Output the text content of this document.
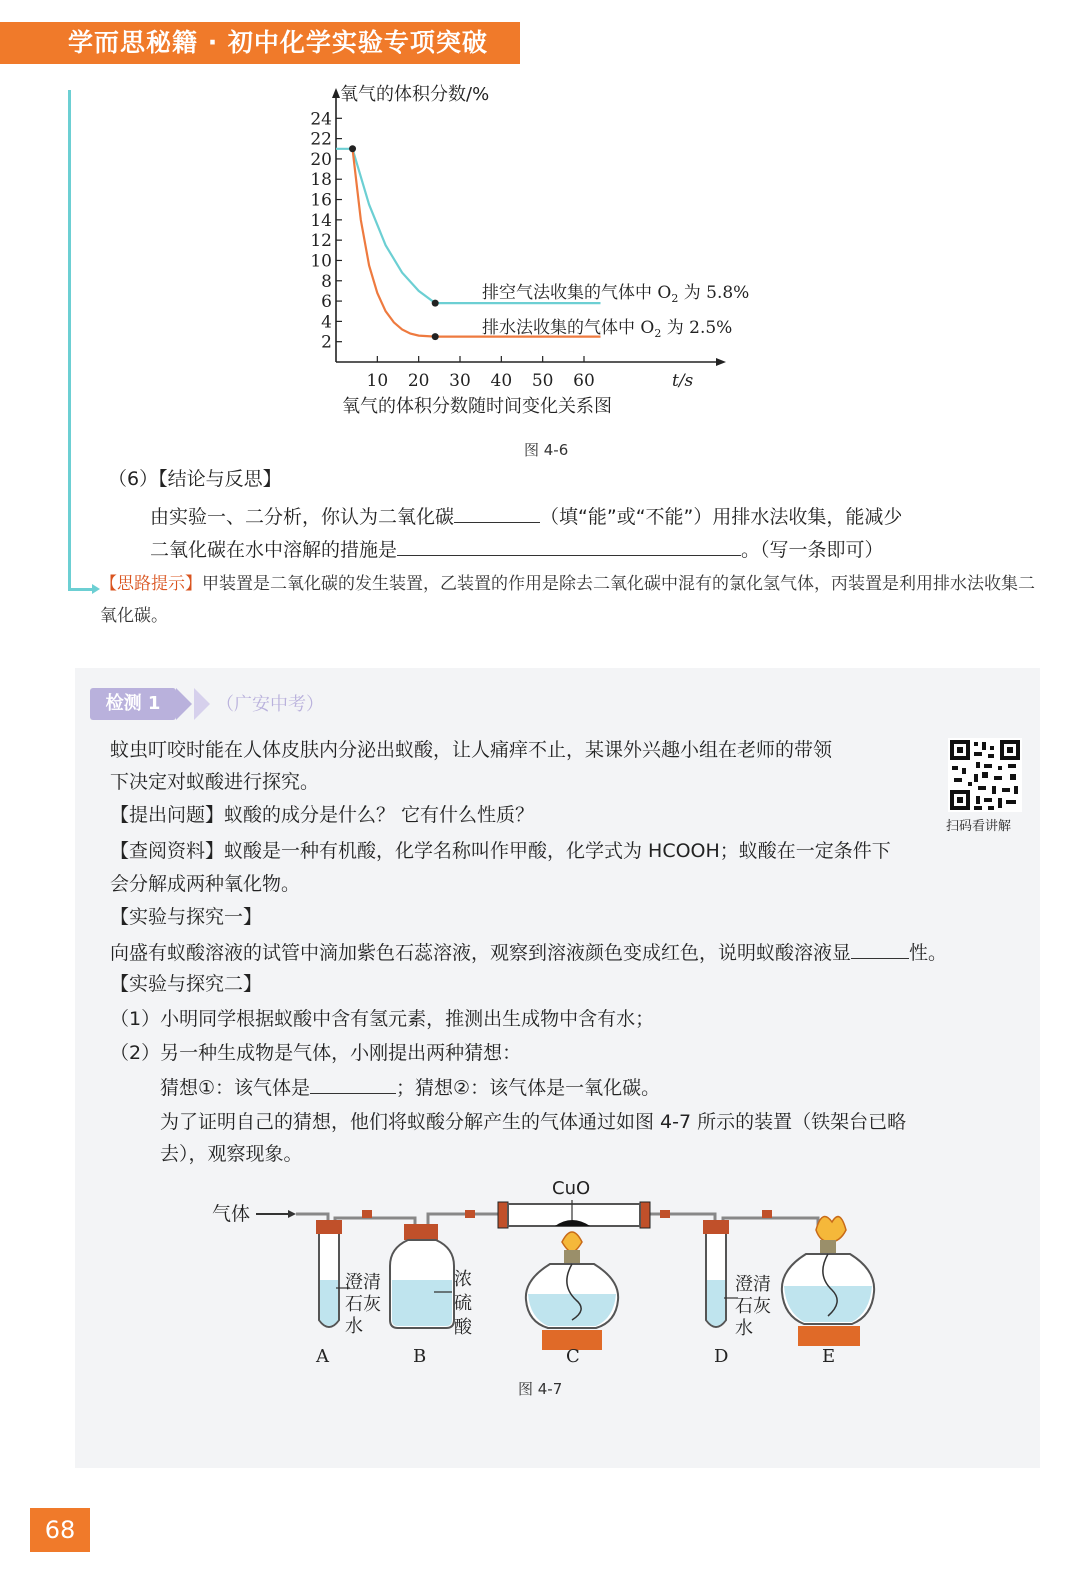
学而思秘籍 · 初中化学实验专项突破
氧气的体积分数/%
氧气的体积分数随时间变化关系图
t/s
排空气法收集的气体中 $O_2$ 为 5.8%
排水法收集的气体中 $O_2$ 为 2.5%
2
4
6
8
10
12
14
16
18
20
22
24
10 20 30 40 50 60
图 4-6
（6）【结论与反思】
由实验一、二分析，你认为二氧化碳	（填“能”或“不能”）用排水法收集，能减少
二氧化碳在水中溶解的措施是	。（写一条即可）
【思路提示】甲装置是二氧化碳的发生装置，乙装置的作用是除去二氧化碳中混有的氯化氢气体，丙装置是利用排水法收集二氧化碳。
检测 1	（广安中考）
扫码看讲解
蚊虫叮咬时能在人体皮肤内分泌出蚁酸，让人痛痒不止，某课外兴趣小组在老师的带领
下决定对蚁酸进行探究。
【提出问题】蚁酸的成分是什么？ 它有什么性质？
【查阅资料】蚁酸是一种有机酸，化学名称叫作甲酸，化学式为 HCOOH；蚁酸在一定条件下
会分解成两种氧化物。
【实验与探究一】
向盛有蚁酸溶液的试管中滴加紫色石蕊溶液，观察到溶液颜色变成红色，说明蚁酸溶液显	性。
【实验与探究二】
（1）小明同学根据蚁酸中含有氢元素，推测出生成物中含有水；
（2）另一种生成物是气体，小刚提出两种猜想：
猜想①：该气体是	；猜想②：该气体是一氧化碳。
为了证明自己的猜想，他们将蚁酸分解产生的气体通过如图 4-7 所示的装置（铁架台已略
去），观察现象。
气体
澄清
石灰
水
浓
硫
酸
CuO
澄清
石灰
水
A	B	C	D	E
图 4-7
68
